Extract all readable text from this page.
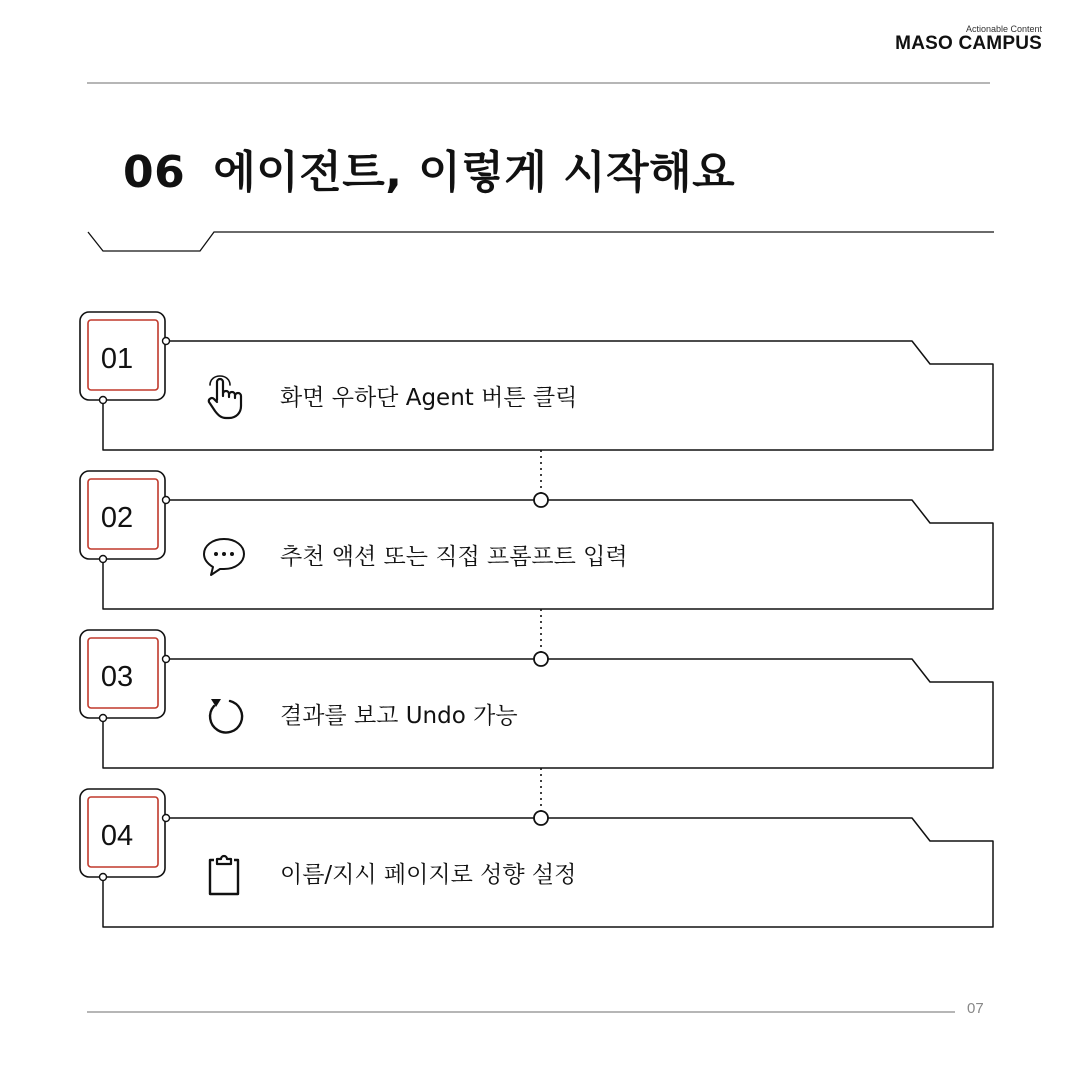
Actionable Content
MASO CAMPUS
06 에이전트, 이렇게 시작해요
01
02
03
04
화면 우하단 Agent 버튼 클릭
추천 액션 또는 직접 프롬프트 입력
결과를 보고 Undo 가능
이름/지시 페이지로 성향 설정
07
